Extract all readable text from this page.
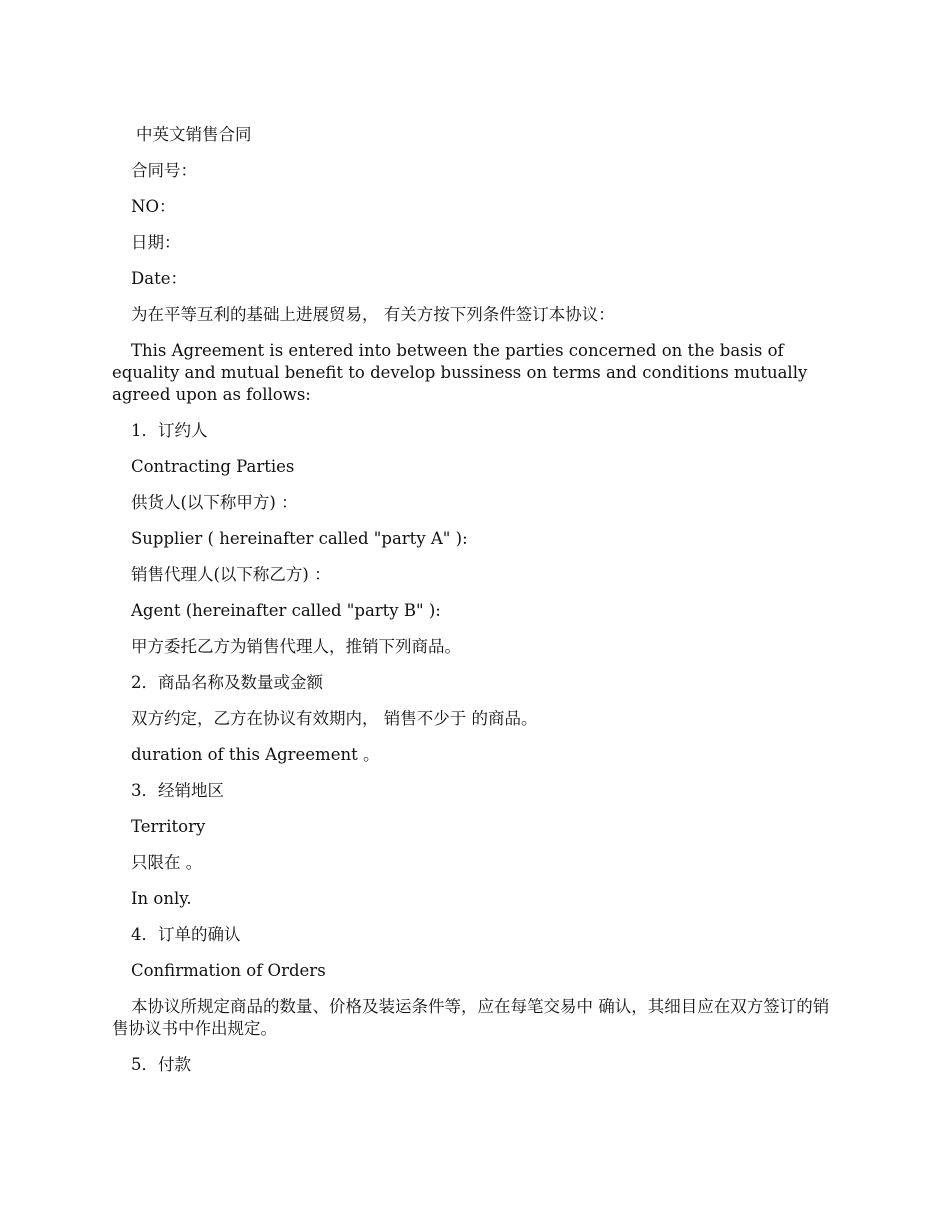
中英文销售合同

合同号：

NO：

日期：

Date：

为在平等互利的基础上进展贸易， 有关方按下列条件签订本协议：

This Agreement is entered into between the parties concerned on the basis of equality and mutual benefit to develop bussiness on terms and conditions mutually agreed upon as follows:

1．订约人

Contracting Parties

供货人(以下称甲方) ：

Supplier ( hereinafter called "party A" ):

销售代理人(以下称乙方) ：

Agent (hereinafter called "party B" ):

甲方委托乙方为销售代理人，推销下列商品。

2．商品名称及数量或金额

双方约定，乙方在协议有效期内， 销售不少于 的商品。

duration of this Agreement 。

3．经销地区

Territory

只限在 。

In only.

4．订单的确认

Confirmation of Orders

本协议所规定商品的数量、价格及装运条件等，应在每笔交易中 确认，其细目应在双方签订的销售协议书中作出规定。

5．付款
